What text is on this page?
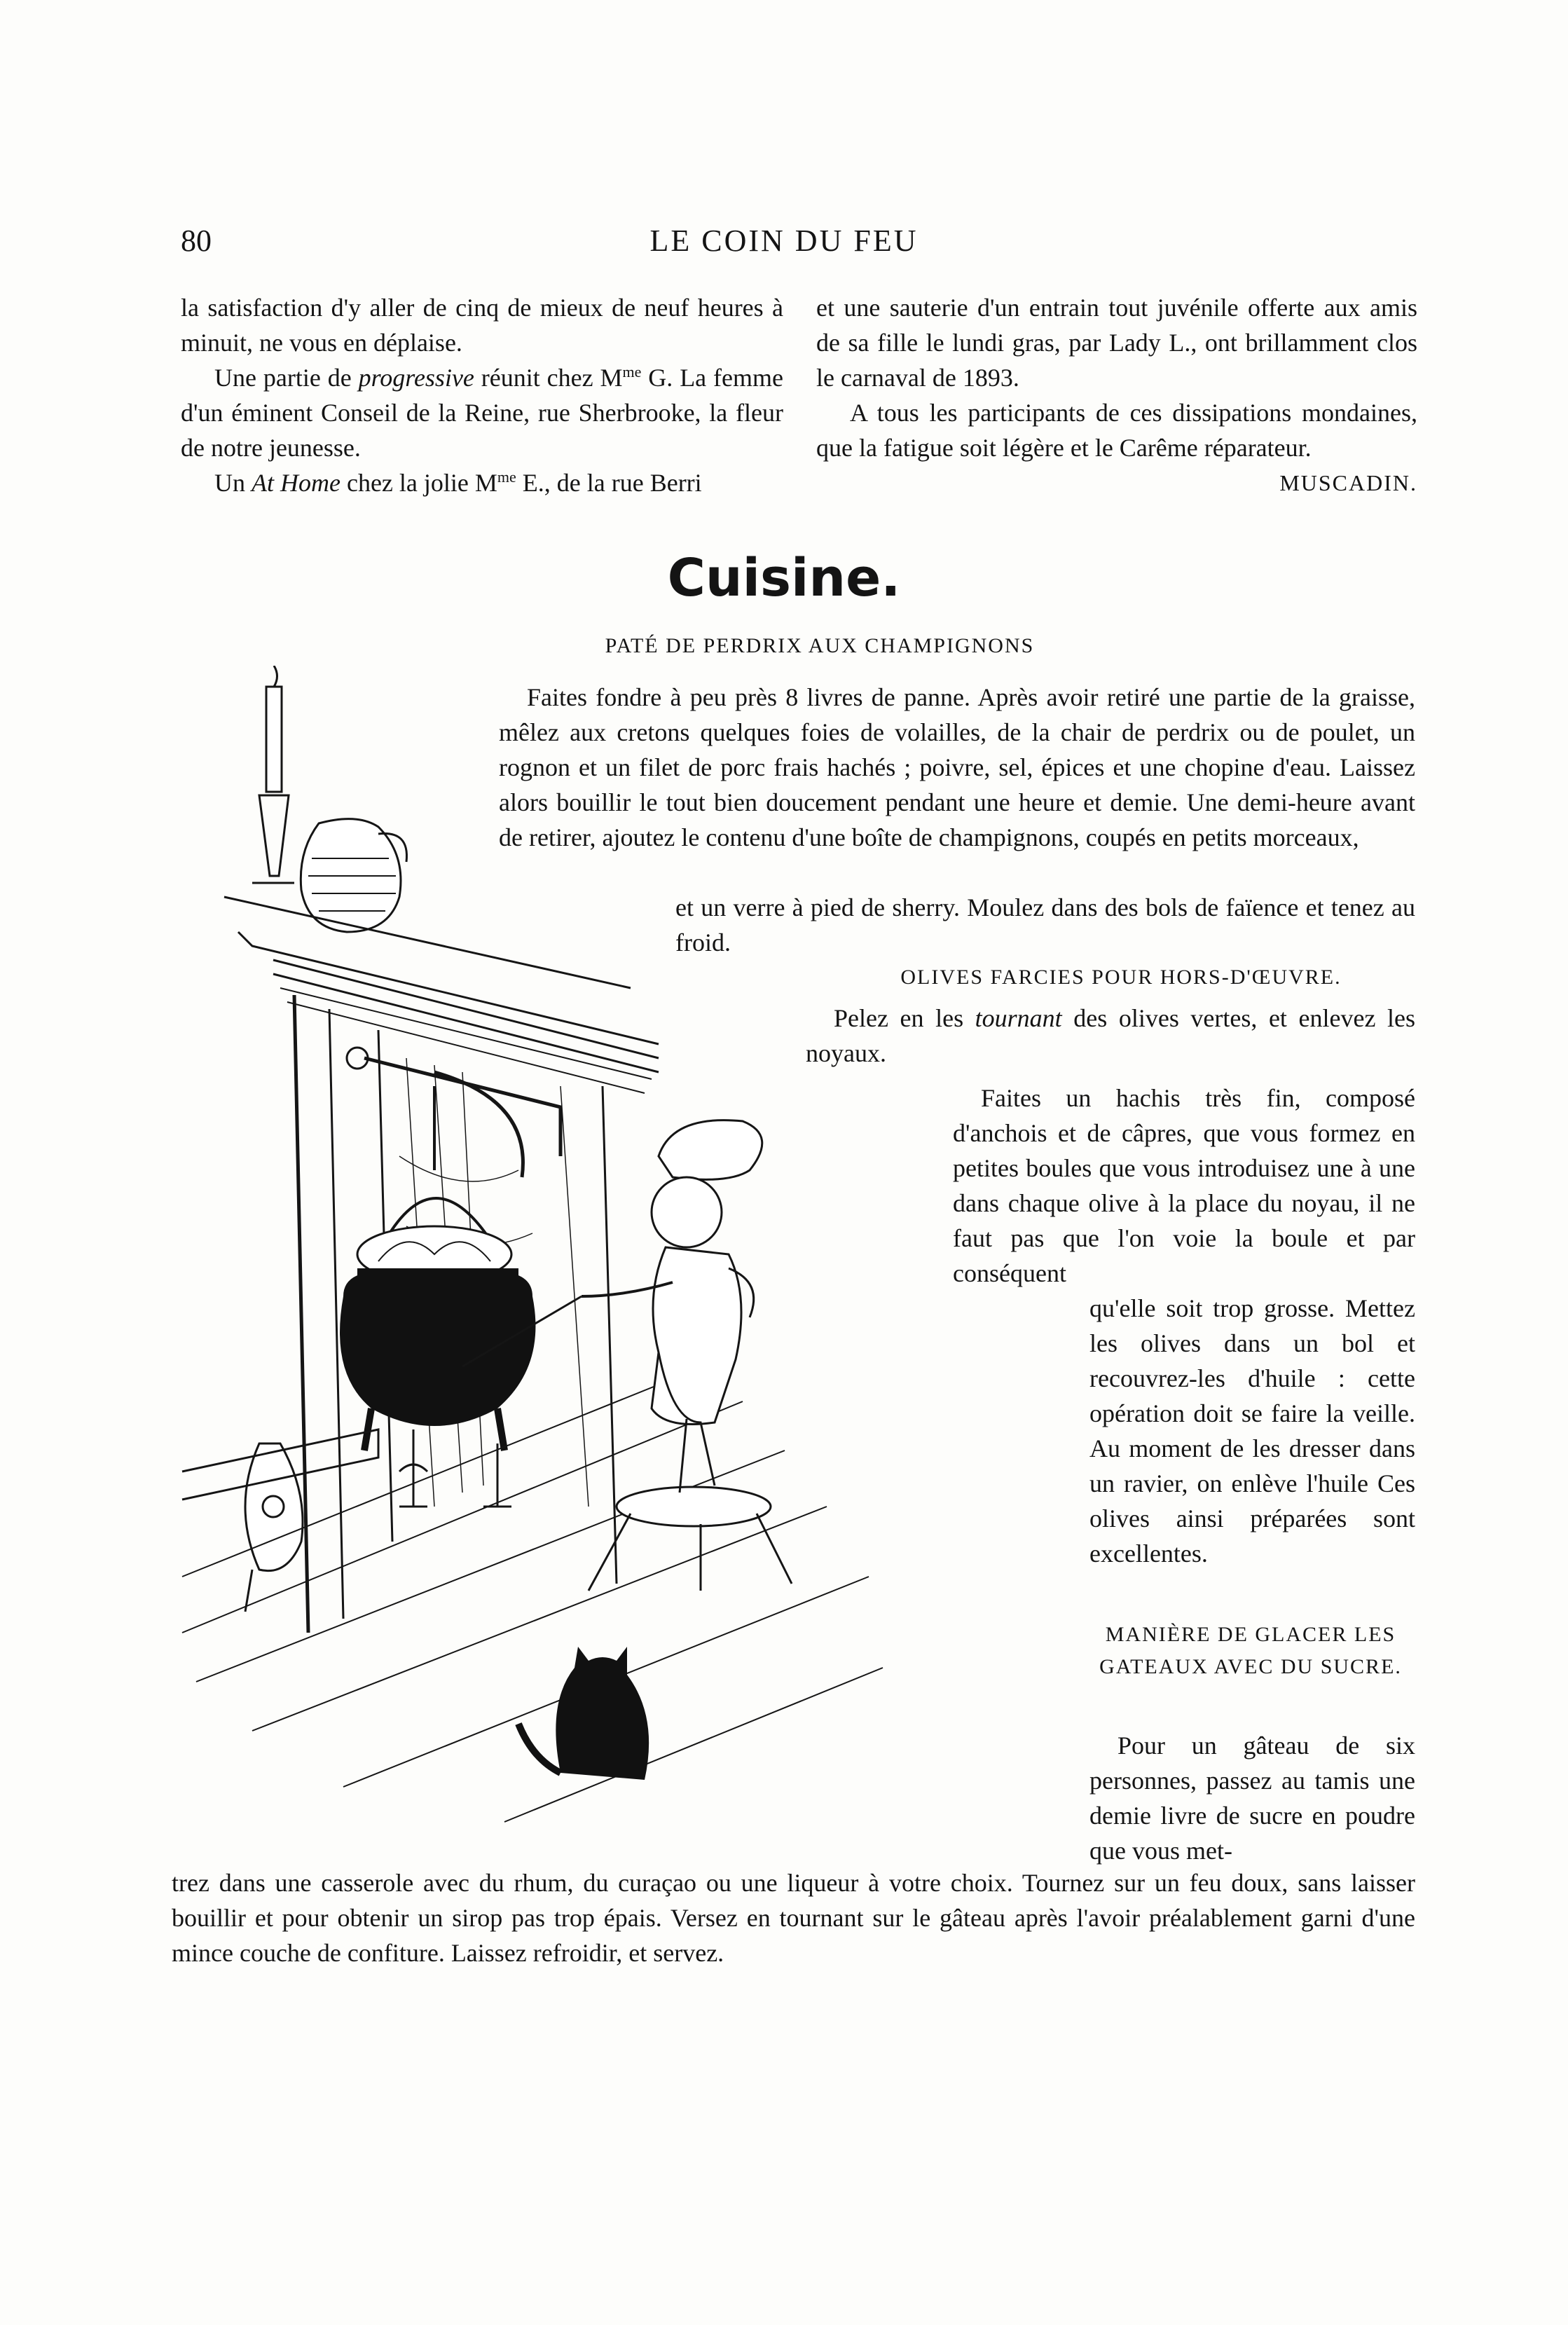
80	LE COIN DU FEU

la satisfaction d'y aller de cinq de mieux de neuf heures à minuit, ne vous en déplaise.

Une partie de progressive réunit chez $M^{me}$ G. La femme d'un éminent Conseil de la Reine, rue Sherbrooke, la fleur de notre jeunesse.

Un At Home chez la jolie $M^{me}$ E., de la rue Berri

et une sauterie d'un entrain tout juvénile offerte aux amis de sa fille le lundi gras, par Lady L., ont brillamment clos le carnaval de 1893.

A tous les participants de ces dissipations mondaines, que la fatigue soit légère et le Carême réparateur.

MUSCADIN.
Cuisine.
PATÉ DE PERDRIX AUX CHAMPIGNONS

Faites fondre à peu près 8 livres de panne. Après avoir retiré une partie de la graisse, mêlez aux cretons quelques foies de volailles, de la chair de perdrix ou de poulet, un rognon et un filet de porc frais hachés ; poivre, sel, épices et une chopine d'eau. Laissez alors bouillir le tout bien doucement pendant une heure et demie. Une demi-heure avant de retirer, ajoutez le contenu d'une boîte de champignons, coupés en petits morceaux,

et un verre à pied de sherry. Moulez dans des bols de faïence et tenez au froid.

OLIVES FARCIES POUR HORS-D'ŒUVRE.

Pelez en les tournant des olives vertes, et enlevez les noyaux.

Faites un hachis très fin, composé d'anchois et de câpres, que vous formez en petites boules que vous introduisez une à une dans chaque olive à la place du noyau, il ne faut pas que l'on voie la boule et par conséquent

qu'elle soit trop grosse. Mettez les olives dans un bol et recouvrez-les d'huile : cette opération doit se faire la veille. Au moment de les dresser dans un ravier, on enlève l'huile Ces olives ainsi préparées sont excellentes.

MANIÈRE DE GLACER LES GATEAUX AVEC DU SUCRE.

Pour un gâteau de six personnes, passez au tamis une demie livre de sucre en poudre que vous met-

trez dans une casserole avec du rhum, du curaçao ou une liqueur à votre choix. Tournez sur un feu doux, sans laisser bouillir et pour obtenir un sirop pas trop épais. Versez en tournant sur le gâteau après l'avoir préalablement garni d'une mince couche de confiture. Laissez refroidir, et servez.
